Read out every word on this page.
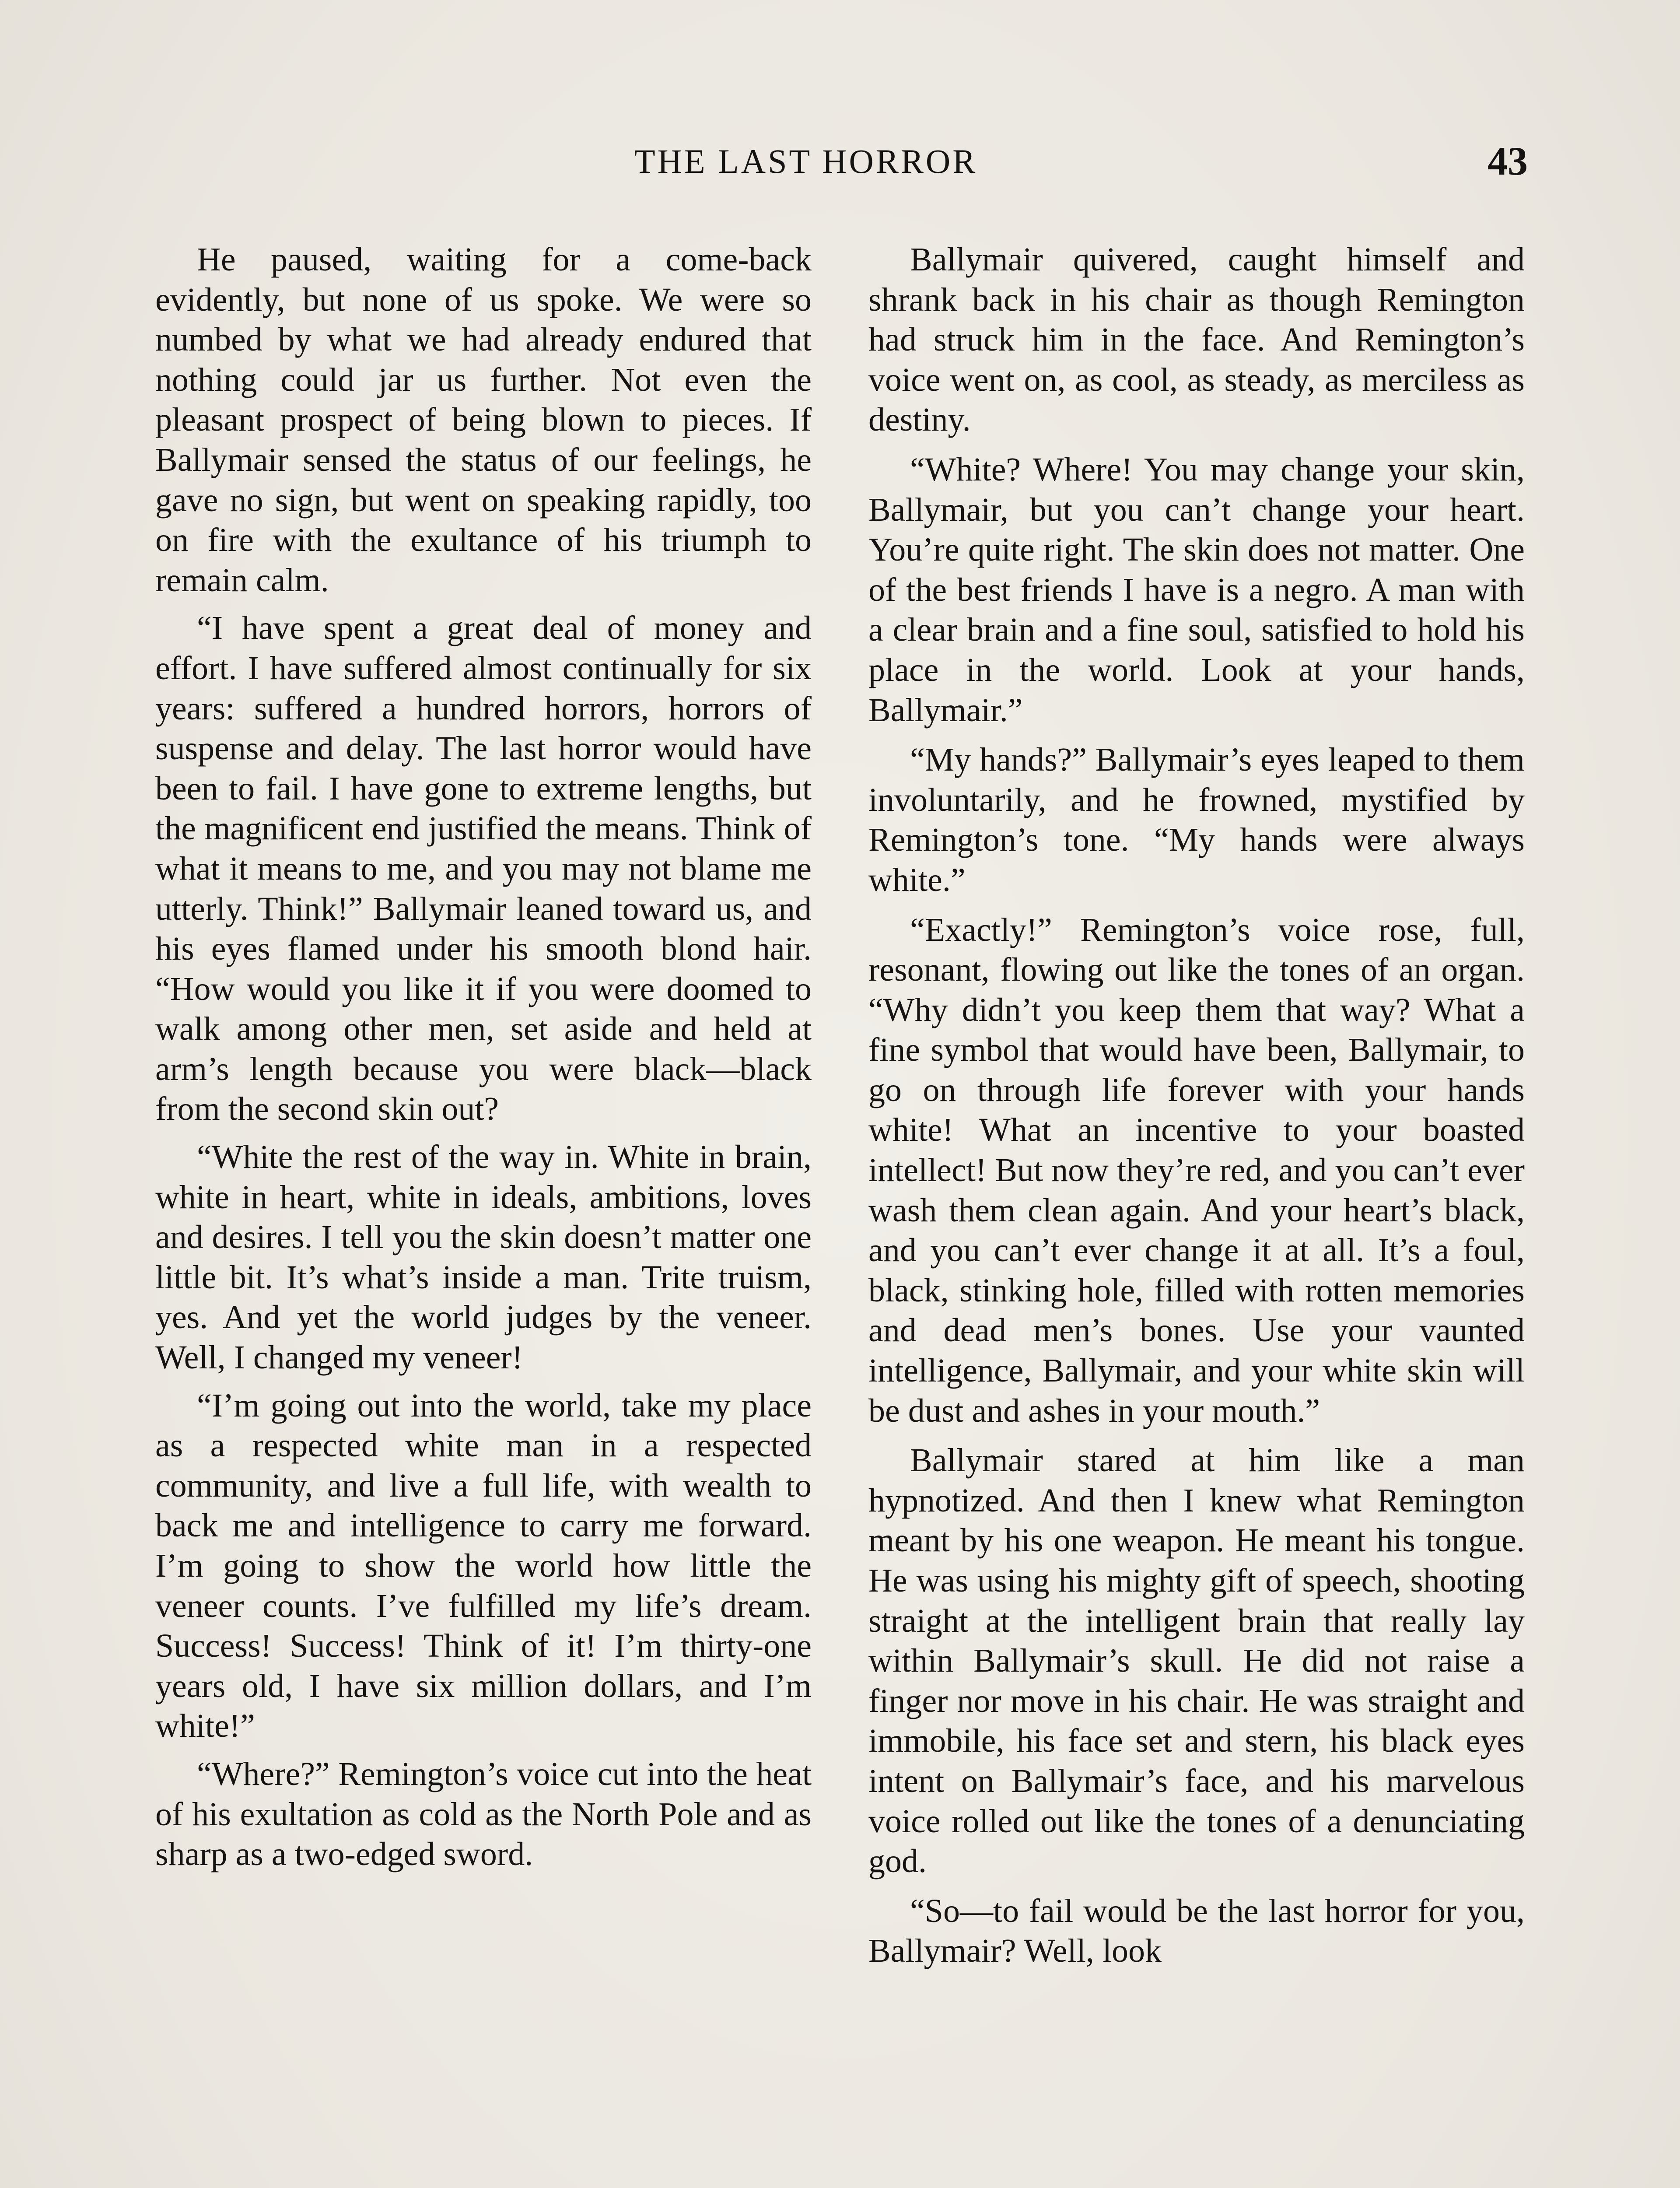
THE LAST HORROR	43

He paused, waiting for a come-back evidently, but none of us spoke. We were so numbed by what we had already endured that nothing could jar us further. Not even the pleasant prospect of being blown to pieces. If Ballymair sensed the status of our feelings, he gave no sign, but went on speaking rapidly, too on fire with the exultance of his triumph to remain calm.

“I have spent a great deal of money and effort. I have suffered almost continually for six years: suffered a hundred horrors, horrors of suspense and delay. The last horror would have been to fail. I have gone to extreme lengths, but the magnificent end justified the means. Think of what it means to me, and you may not blame me utterly. Think!” Ballymair leaned toward us, and his eyes flamed under his smooth blond hair. “How would you like it if you were doomed to walk among other men, set aside and held at arm’s length because you were black—black from the second skin out?

“White the rest of the way in. White in brain, white in heart, white in ideals, ambitions, loves and desires. I tell you the skin doesn’t matter one little bit. It’s what’s inside a man. Trite truism, yes. And yet the world judges by the veneer. Well, I changed my veneer!

“I’m going out into the world, take my place as a respected white man in a respected community, and live a full life, with wealth to back me and intelligence to carry me forward. I’m going to show the world how little the veneer counts. I’ve fulfilled my life’s dream. Success! Success! Think of it! I’m thirty-one years old, I have six million dollars, and I’m white!”

“Where?” Remington’s voice cut into the heat of his exultation as cold as the North Pole and as sharp as a two-edged sword.

Ballymair quivered, caught himself and shrank back in his chair as though Remington had struck him in the face. And Remington’s voice went on, as cool, as steady, as merciless as destiny.

“White? Where! You may change your skin, Ballymair, but you can’t change your heart. You’re quite right. The skin does not matter. One of the best friends I have is a negro. A man with a clear brain and a fine soul, satisfied to hold his place in the world. Look at your hands, Ballymair.”

“My hands?” Ballymair’s eyes leaped to them involuntarily, and he frowned, mystified by Remington’s tone. “My hands were always white.”

“Exactly!” Remington’s voice rose, full, resonant, flowing out like the tones of an organ. “Why didn’t you keep them that way? What a fine symbol that would have been, Ballymair, to go on through life forever with your hands white! What an incentive to your boasted intellect! But now they’re red, and you can’t ever wash them clean again. And your heart’s black, and you can’t ever change it at all. It’s a foul, black, stinking hole, filled with rotten memories and dead men’s bones. Use your vaunted intelligence, Ballymair, and your white skin will be dust and ashes in your mouth.”

Ballymair stared at him like a man hypnotized. And then I knew what Remington meant by his one weapon. He meant his tongue. He was using his mighty gift of speech, shooting straight at the intelligent brain that really lay within Ballymair’s skull. He did not raise a finger nor move in his chair. He was straight and immobile, his face set and stern, his black eyes intent on Ballymair’s face, and his marvelous voice rolled out like the tones of a denunciating god.

“So—to fail would be the last horror for you, Ballymair? Well, look
